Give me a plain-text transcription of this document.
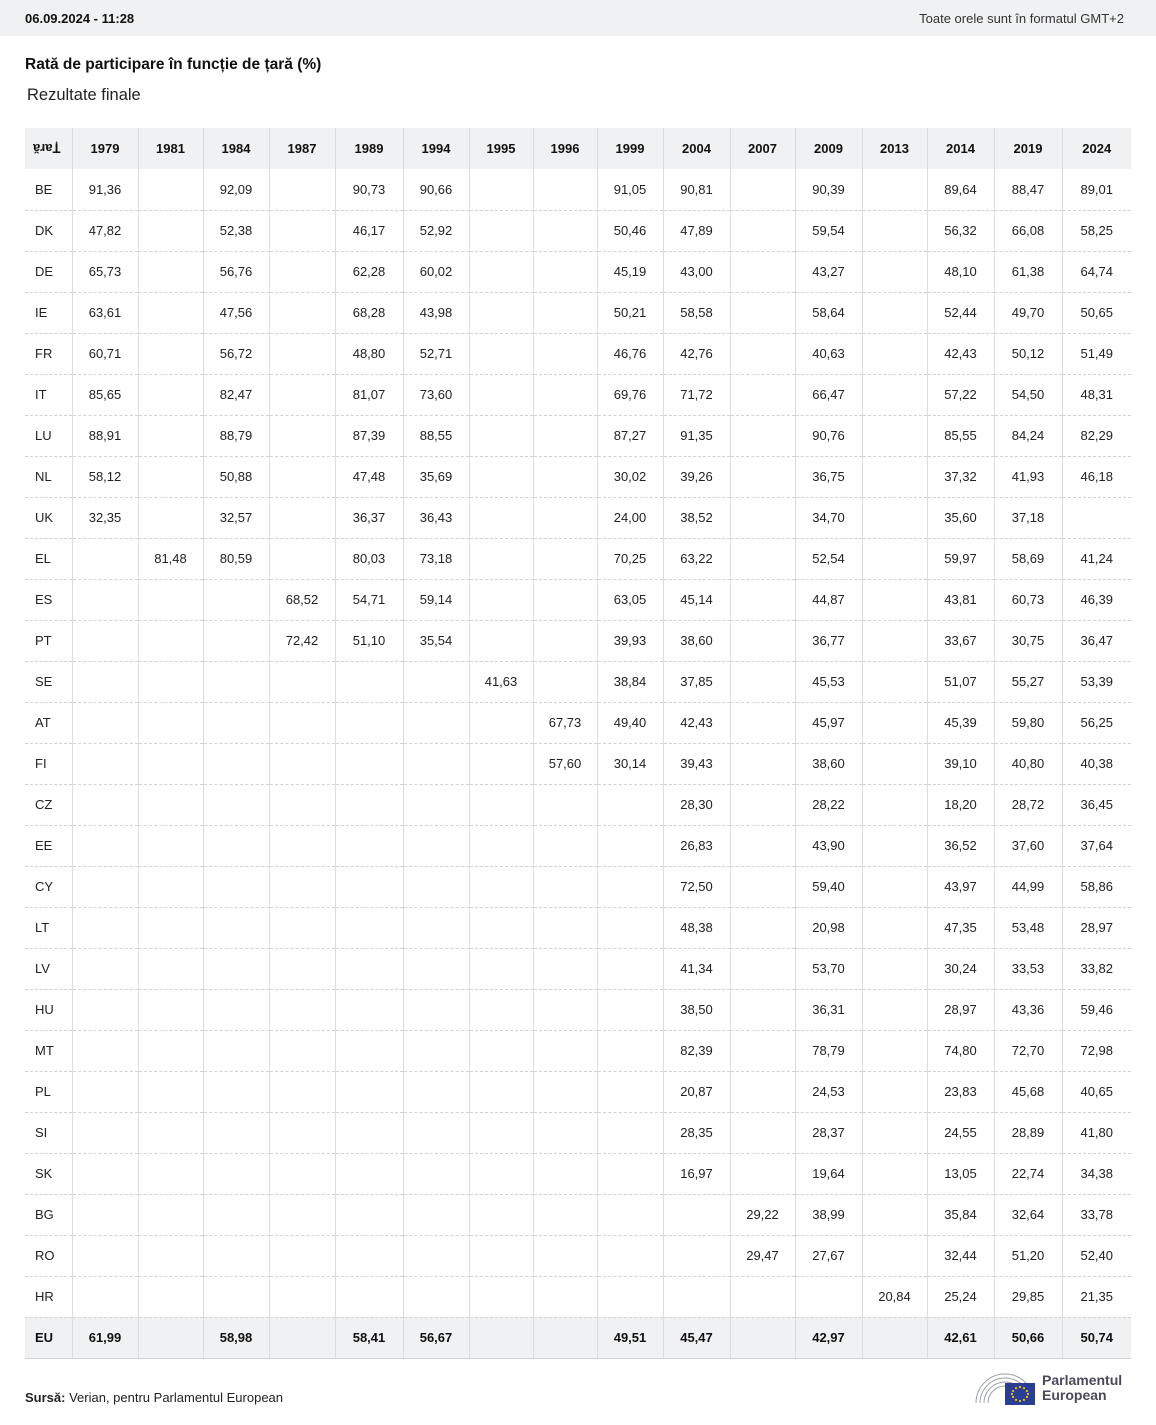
06.09.2024 - 11:28	Toate orele sunt în formatul GMT+2
Rată de participare în funcție de țară (%)
Rezultate finale
Țară	1979	1981	1984	1987	1989	1994	1995	1996	1999	2004	2007	2009	2013	2014	2019	2024
BE	91,36		92,09		90,73	90,66			91,05	90,81		90,39		89,64	88,47	89,01
DK	47,82		52,38		46,17	52,92			50,46	47,89		59,54		56,32	66,08	58,25
DE	65,73		56,76		62,28	60,02			45,19	43,00		43,27		48,10	61,38	64,74
IE	63,61		47,56		68,28	43,98			50,21	58,58		58,64		52,44	49,70	50,65
FR	60,71		56,72		48,80	52,71			46,76	42,76		40,63		42,43	50,12	51,49
IT	85,65		82,47		81,07	73,60			69,76	71,72		66,47		57,22	54,50	48,31
LU	88,91		88,79		87,39	88,55			87,27	91,35		90,76		85,55	84,24	82,29
NL	58,12		50,88		47,48	35,69			30,02	39,26		36,75		37,32	41,93	46,18
UK	32,35		32,57		36,37	36,43			24,00	38,52		34,70		35,60	37,18	
EL		81,48	80,59		80,03	73,18			70,25	63,22		52,54		59,97	58,69	41,24
ES				68,52	54,71	59,14			63,05	45,14		44,87		43,81	60,73	46,39
PT				72,42	51,10	35,54			39,93	38,60		36,77		33,67	30,75	36,47
SE							41,63		38,84	37,85		45,53		51,07	55,27	53,39
AT								67,73	49,40	42,43		45,97		45,39	59,80	56,25
FI								57,60	30,14	39,43		38,60		39,10	40,80	40,38
CZ										28,30		28,22		18,20	28,72	36,45
EE										26,83		43,90		36,52	37,60	37,64
CY										72,50		59,40		43,97	44,99	58,86
LT										48,38		20,98		47,35	53,48	28,97
LV										41,34		53,70		30,24	33,53	33,82
HU										38,50		36,31		28,97	43,36	59,46
MT										82,39		78,79		74,80	72,70	72,98
PL										20,87		24,53		23,83	45,68	40,65
SI										28,35		28,37		24,55	28,89	41,80
SK										16,97		19,64		13,05	22,74	34,38
BG											29,22	38,99		35,84	32,64	33,78
RO											29,47	27,67		32,44	51,20	52,40
HR													20,84	25,24	29,85	21,35
EU	61,99		58,98		58,41	56,67			49,51	45,47		42,97		42,61	50,66	50,74
Sursă: Verian, pentru Parlamentul European
Parlamentul
European
